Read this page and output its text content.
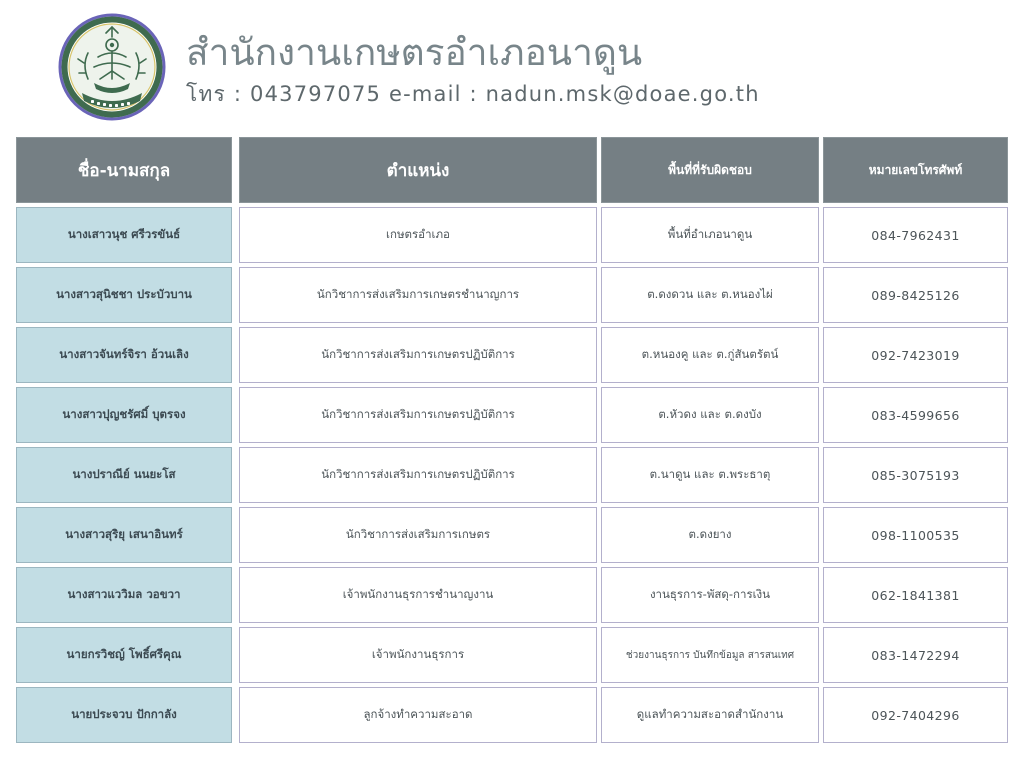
สำนักงานเกษตรอำเภอนาดูน
โทร : 043797075 e-mail : nadun.msk@doae.go.th
ชื่อ-นามสกุล	ตำแหน่ง	พื้นที่ที่รับผิดชอบ	หมายเลขโทรศัพท์
นางเสาวนุช ศรีวรขันธ์	เกษตรอำเภอ	พื้นที่อำเภอนาดูน	084-7962431
นางสาวสุนิชชา ประบัวบาน	นักวิชาการส่งเสริมการเกษตรชำนาญการ	ต.ดงดวน และ ต.หนองไผ่	089-8425126
นางสาวจันทร์จิรา อ้วนเลิง	นักวิชาการส่งเสริมการเกษตรปฏิบัติการ	ต.หนองคู และ ต.กู่สันตรัตน์	092-7423019
นางสาวปุญชรัศมิ์ บุตรจง	นักวิชาการส่งเสริมการเกษตรปฏิบัติการ	ต.หัวดง และ ต.ดงบัง	083-4599656
นางปราณีย์ นนยะโส	นักวิชาการส่งเสริมการเกษตรปฏิบัติการ	ต.นาดูน และ ต.พระธาตุ	085-3075193
นางสาวสุริยุ เสนาอินทร์	นักวิชาการส่งเสริมการเกษตร	ต.ดงยาง	098-1100535
นางสาวแววิมล วอขวา	เจ้าพนักงานธุรการชำนาญงาน	งานธุรการ-พัสดุ-การเงิน	062-1841381
นายกรวิชญ์ โพธิ์ศรีคุณ	เจ้าพนักงานธุรการ	ช่วยงานธุรการ บันทึกข้อมูล สารสนเทศ	083-1472294
นายประจวบ ปักกาลัง	ลูกจ้างทำความสะอาด	ดูแลทำความสะอาดสำนักงาน	092-7404296
